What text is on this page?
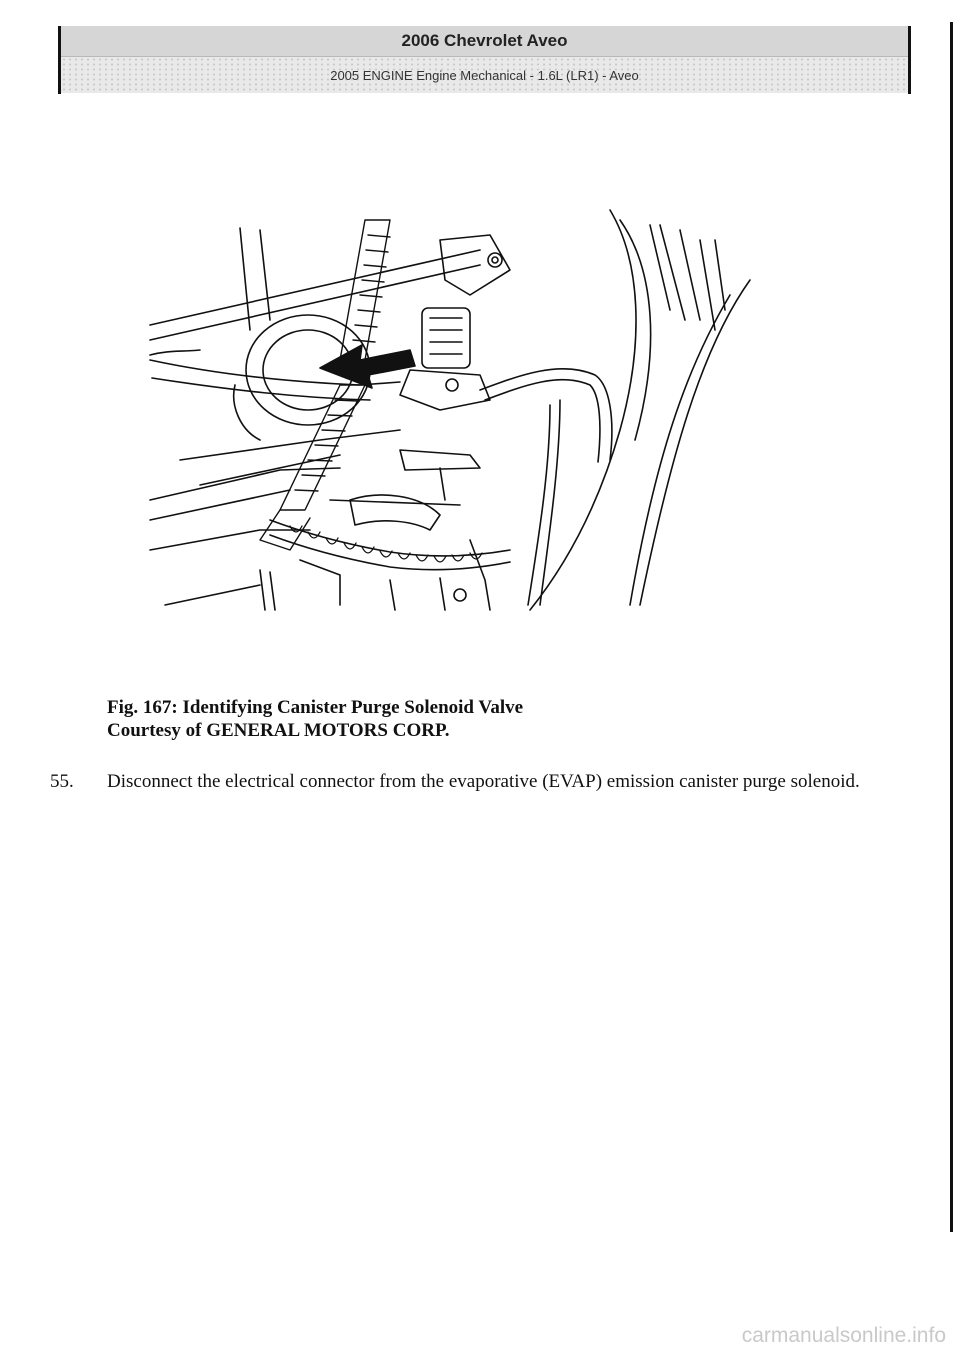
2006 Chevrolet Aveo
2005 ENGINE Engine Mechanical - 1.6L (LR1) - Aveo
Fig. 167: Identifying Canister Purge Solenoid Valve
Courtesy of GENERAL MOTORS CORP.
55. Disconnect the electrical connector from the evaporative (EVAP) emission canister purge solenoid.
carmanualsonline.info
